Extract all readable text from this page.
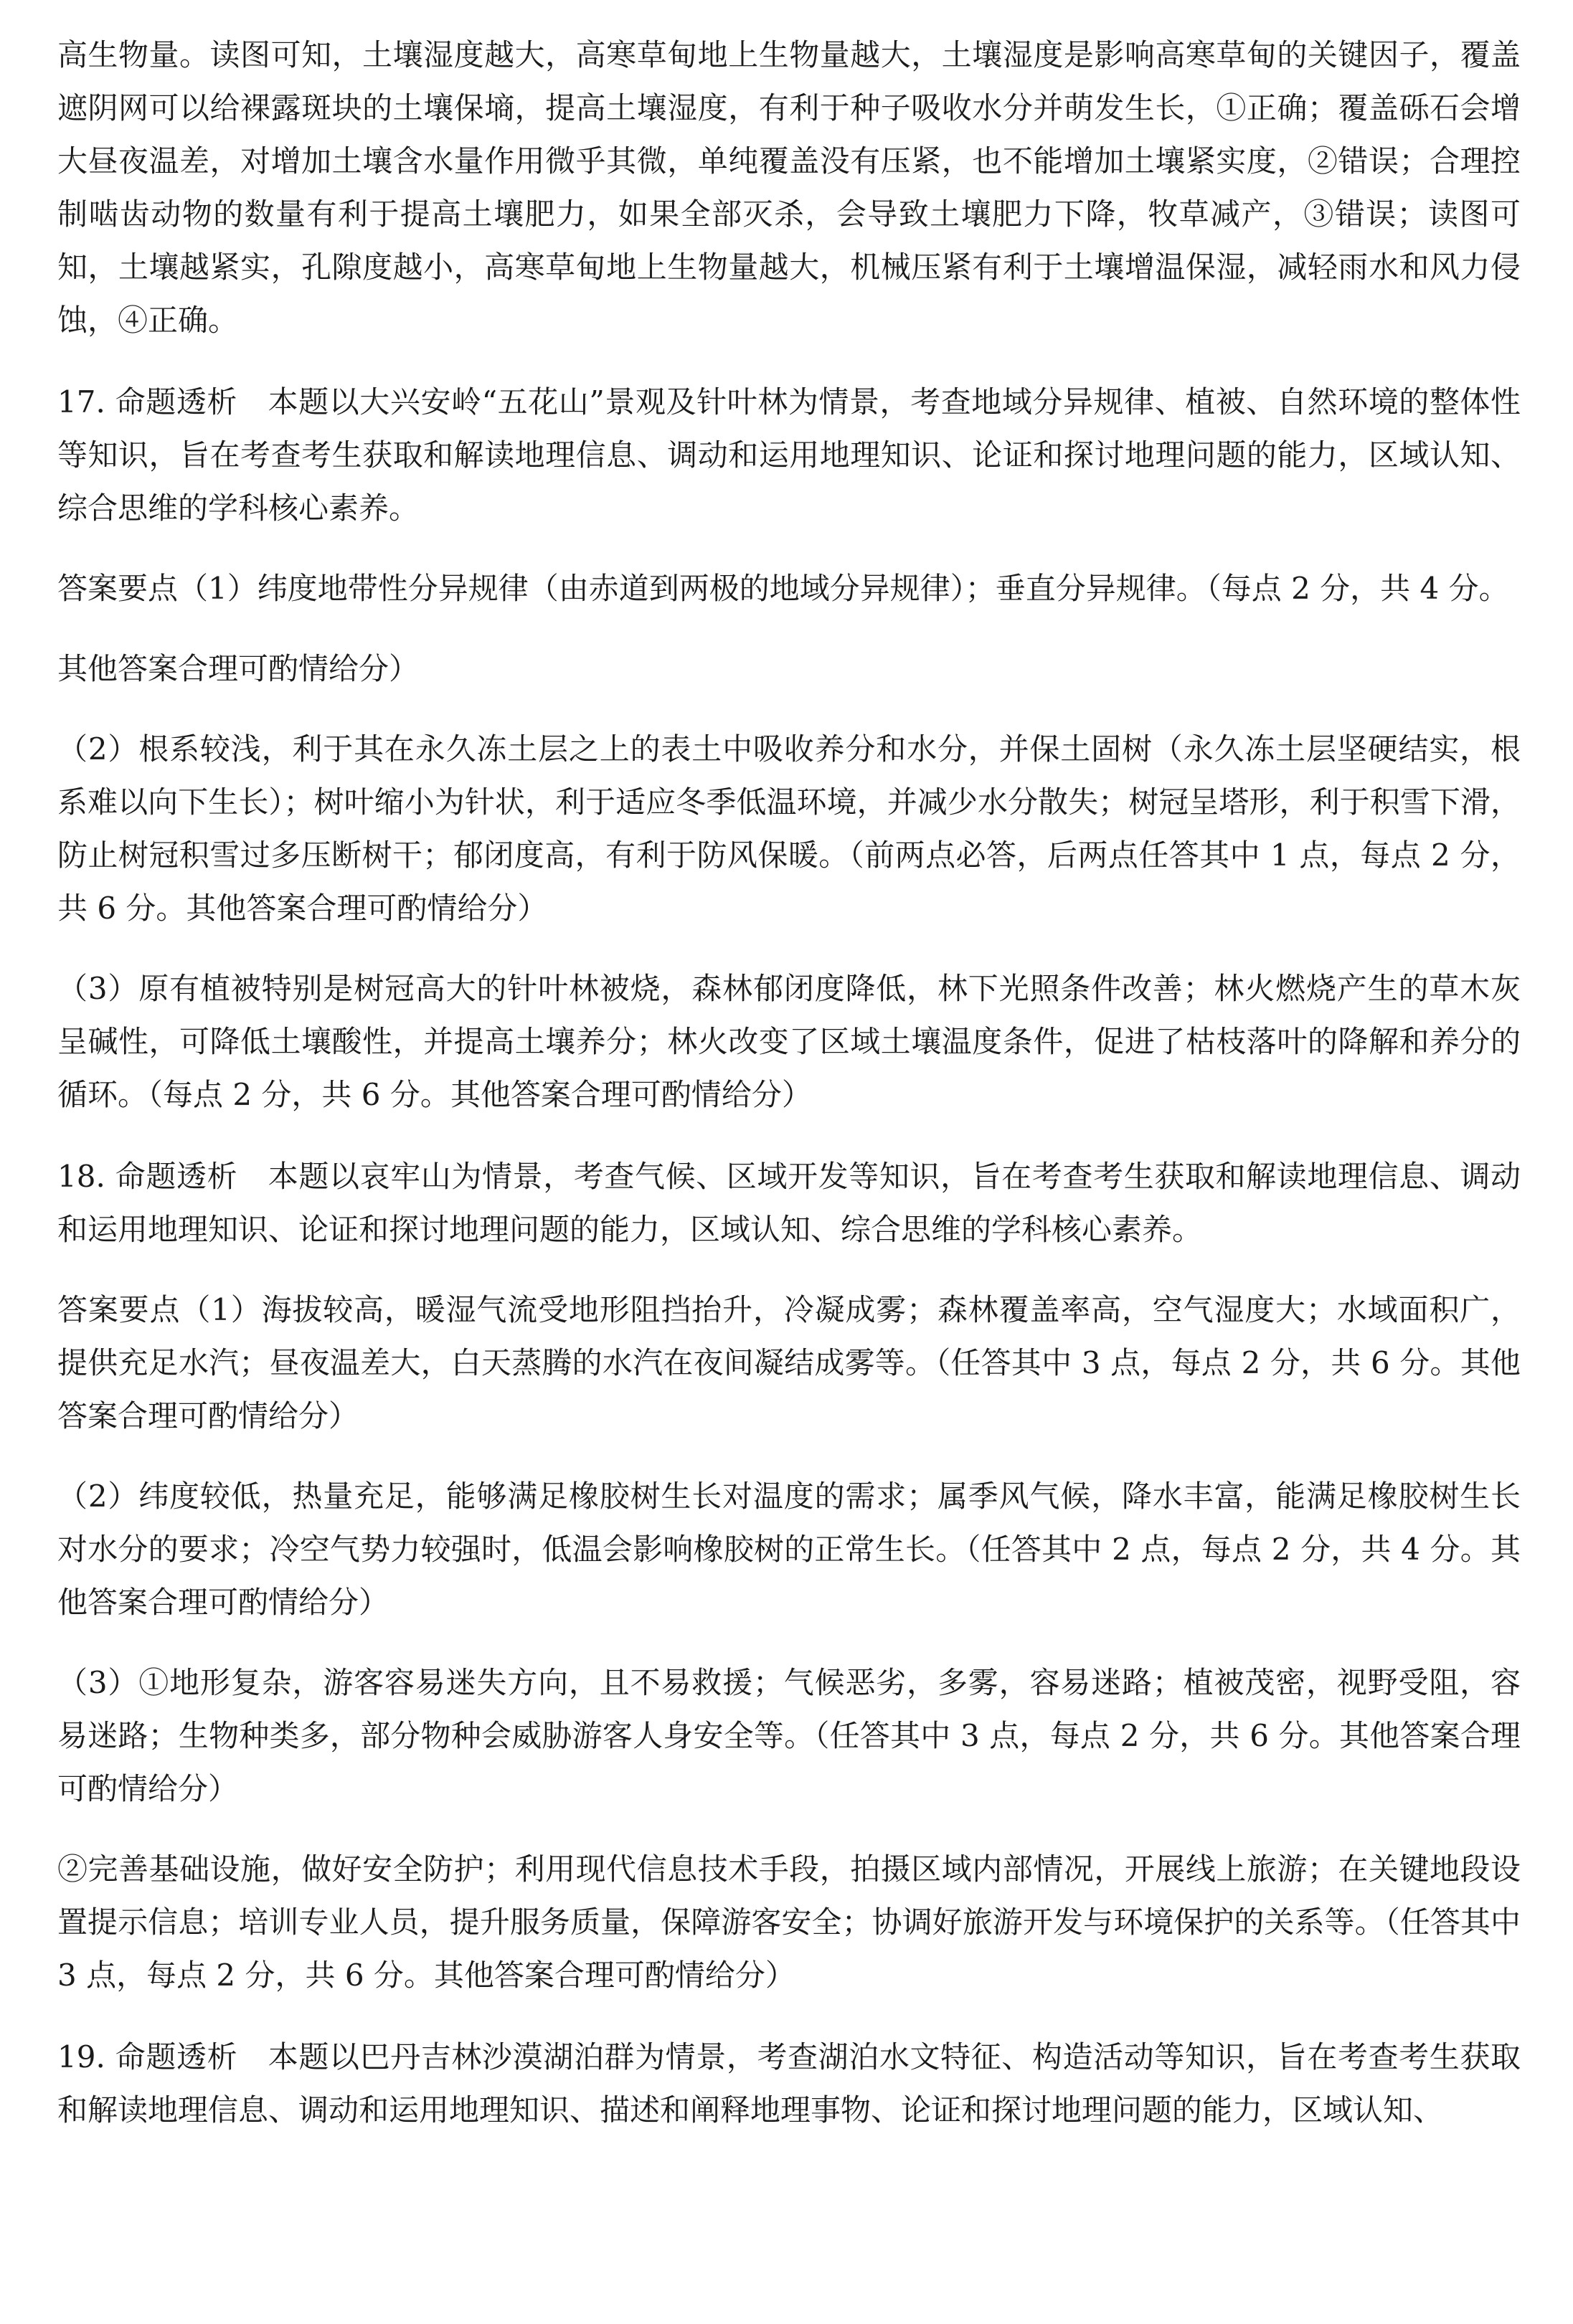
高生物量。读图可知，土壤湿度越大，高寒草甸地上生物量越大，土壤湿度是影响高寒草甸的关键因子，覆盖遮阴网可以给裸露斑块的土壤保墒，提高土壤湿度，有利于种子吸收水分并萌发生长，①正确；覆盖砾石会增大昼夜温差，对增加土壤含水量作用微乎其微，单纯覆盖没有压紧，也不能增加土壤紧实度，②错误；合理控制啮齿动物的数量有利于提高土壤肥力，如果全部灭杀，会导致土壤肥力下降，牧草减产，③错误；读图可知，土壤越紧实，孔隙度越小，高寒草甸地上生物量越大，机械压紧有利于土壤增温保湿，减轻雨水和风力侵蚀，④正确。

17. 命题透析　本题以大兴安岭“五花山”景观及针叶林为情景，考查地域分异规律、植被、自然环境的整体性等知识，旨在考查考生获取和解读地理信息、调动和运用地理知识、论证和探讨地理问题的能力，区域认知、综合思维的学科核心素养。

答案要点（1）纬度地带性分异规律（由赤道到两极的地域分异规律）；垂直分异规律。（每点 2 分，共 4 分。

其他答案合理可酌情给分）

（2）根系较浅，利于其在永久冻土层之上的表土中吸收养分和水分，并保土固树（永久冻土层坚硬结实，根系难以向下生长）；树叶缩小为针状，利于适应冬季低温环境，并减少水分散失；树冠呈塔形，利于积雪下滑，防止树冠积雪过多压断树干；郁闭度高，有利于防风保暖。（前两点必答，后两点任答其中 1 点，每点 2 分，共 6 分。其他答案合理可酌情给分）

（3）原有植被特别是树冠高大的针叶林被烧，森林郁闭度降低，林下光照条件改善；林火燃烧产生的草木灰呈碱性，可降低土壤酸性，并提高土壤养分；林火改变了区域土壤温度条件，促进了枯枝落叶的降解和养分的循环。（每点 2 分，共 6 分。其他答案合理可酌情给分）

18. 命题透析　本题以哀牢山为情景，考查气候、区域开发等知识，旨在考查考生获取和解读地理信息、调动和运用地理知识、论证和探讨地理问题的能力，区域认知、综合思维的学科核心素养。

答案要点（1）海拔较高，暖湿气流受地形阻挡抬升，冷凝成雾；森林覆盖率高，空气湿度大；水域面积广，提供充足水汽；昼夜温差大，白天蒸腾的水汽在夜间凝结成雾等。（任答其中 3 点，每点 2 分，共 6 分。其他答案合理可酌情给分）

（2）纬度较低，热量充足，能够满足橡胶树生长对温度的需求；属季风气候，降水丰富，能满足橡胶树生长对水分的要求；冷空气势力较强时，低温会影响橡胶树的正常生长。（任答其中 2 点，每点 2 分，共 4 分。其他答案合理可酌情给分）

（3）①地形复杂，游客容易迷失方向，且不易救援；气候恶劣，多雾，容易迷路；植被茂密，视野受阻，容易迷路；生物种类多，部分物种会威胁游客人身安全等。（任答其中 3 点，每点 2 分，共 6 分。其他答案合理可酌情给分）

②完善基础设施，做好安全防护；利用现代信息技术手段，拍摄区域内部情况，开展线上旅游；在关键地段设置提示信息；培训专业人员，提升服务质量，保障游客安全；协调好旅游开发与环境保护的关系等。（任答其中 3 点，每点 2 分，共 6 分。其他答案合理可酌情给分）

19. 命题透析　本题以巴丹吉林沙漠湖泊群为情景，考查湖泊水文特征、构造活动等知识，旨在考查考生获取和解读地理信息、调动和运用地理知识、描述和阐释地理事物、论证和探讨地理问题的能力，区域认知、
